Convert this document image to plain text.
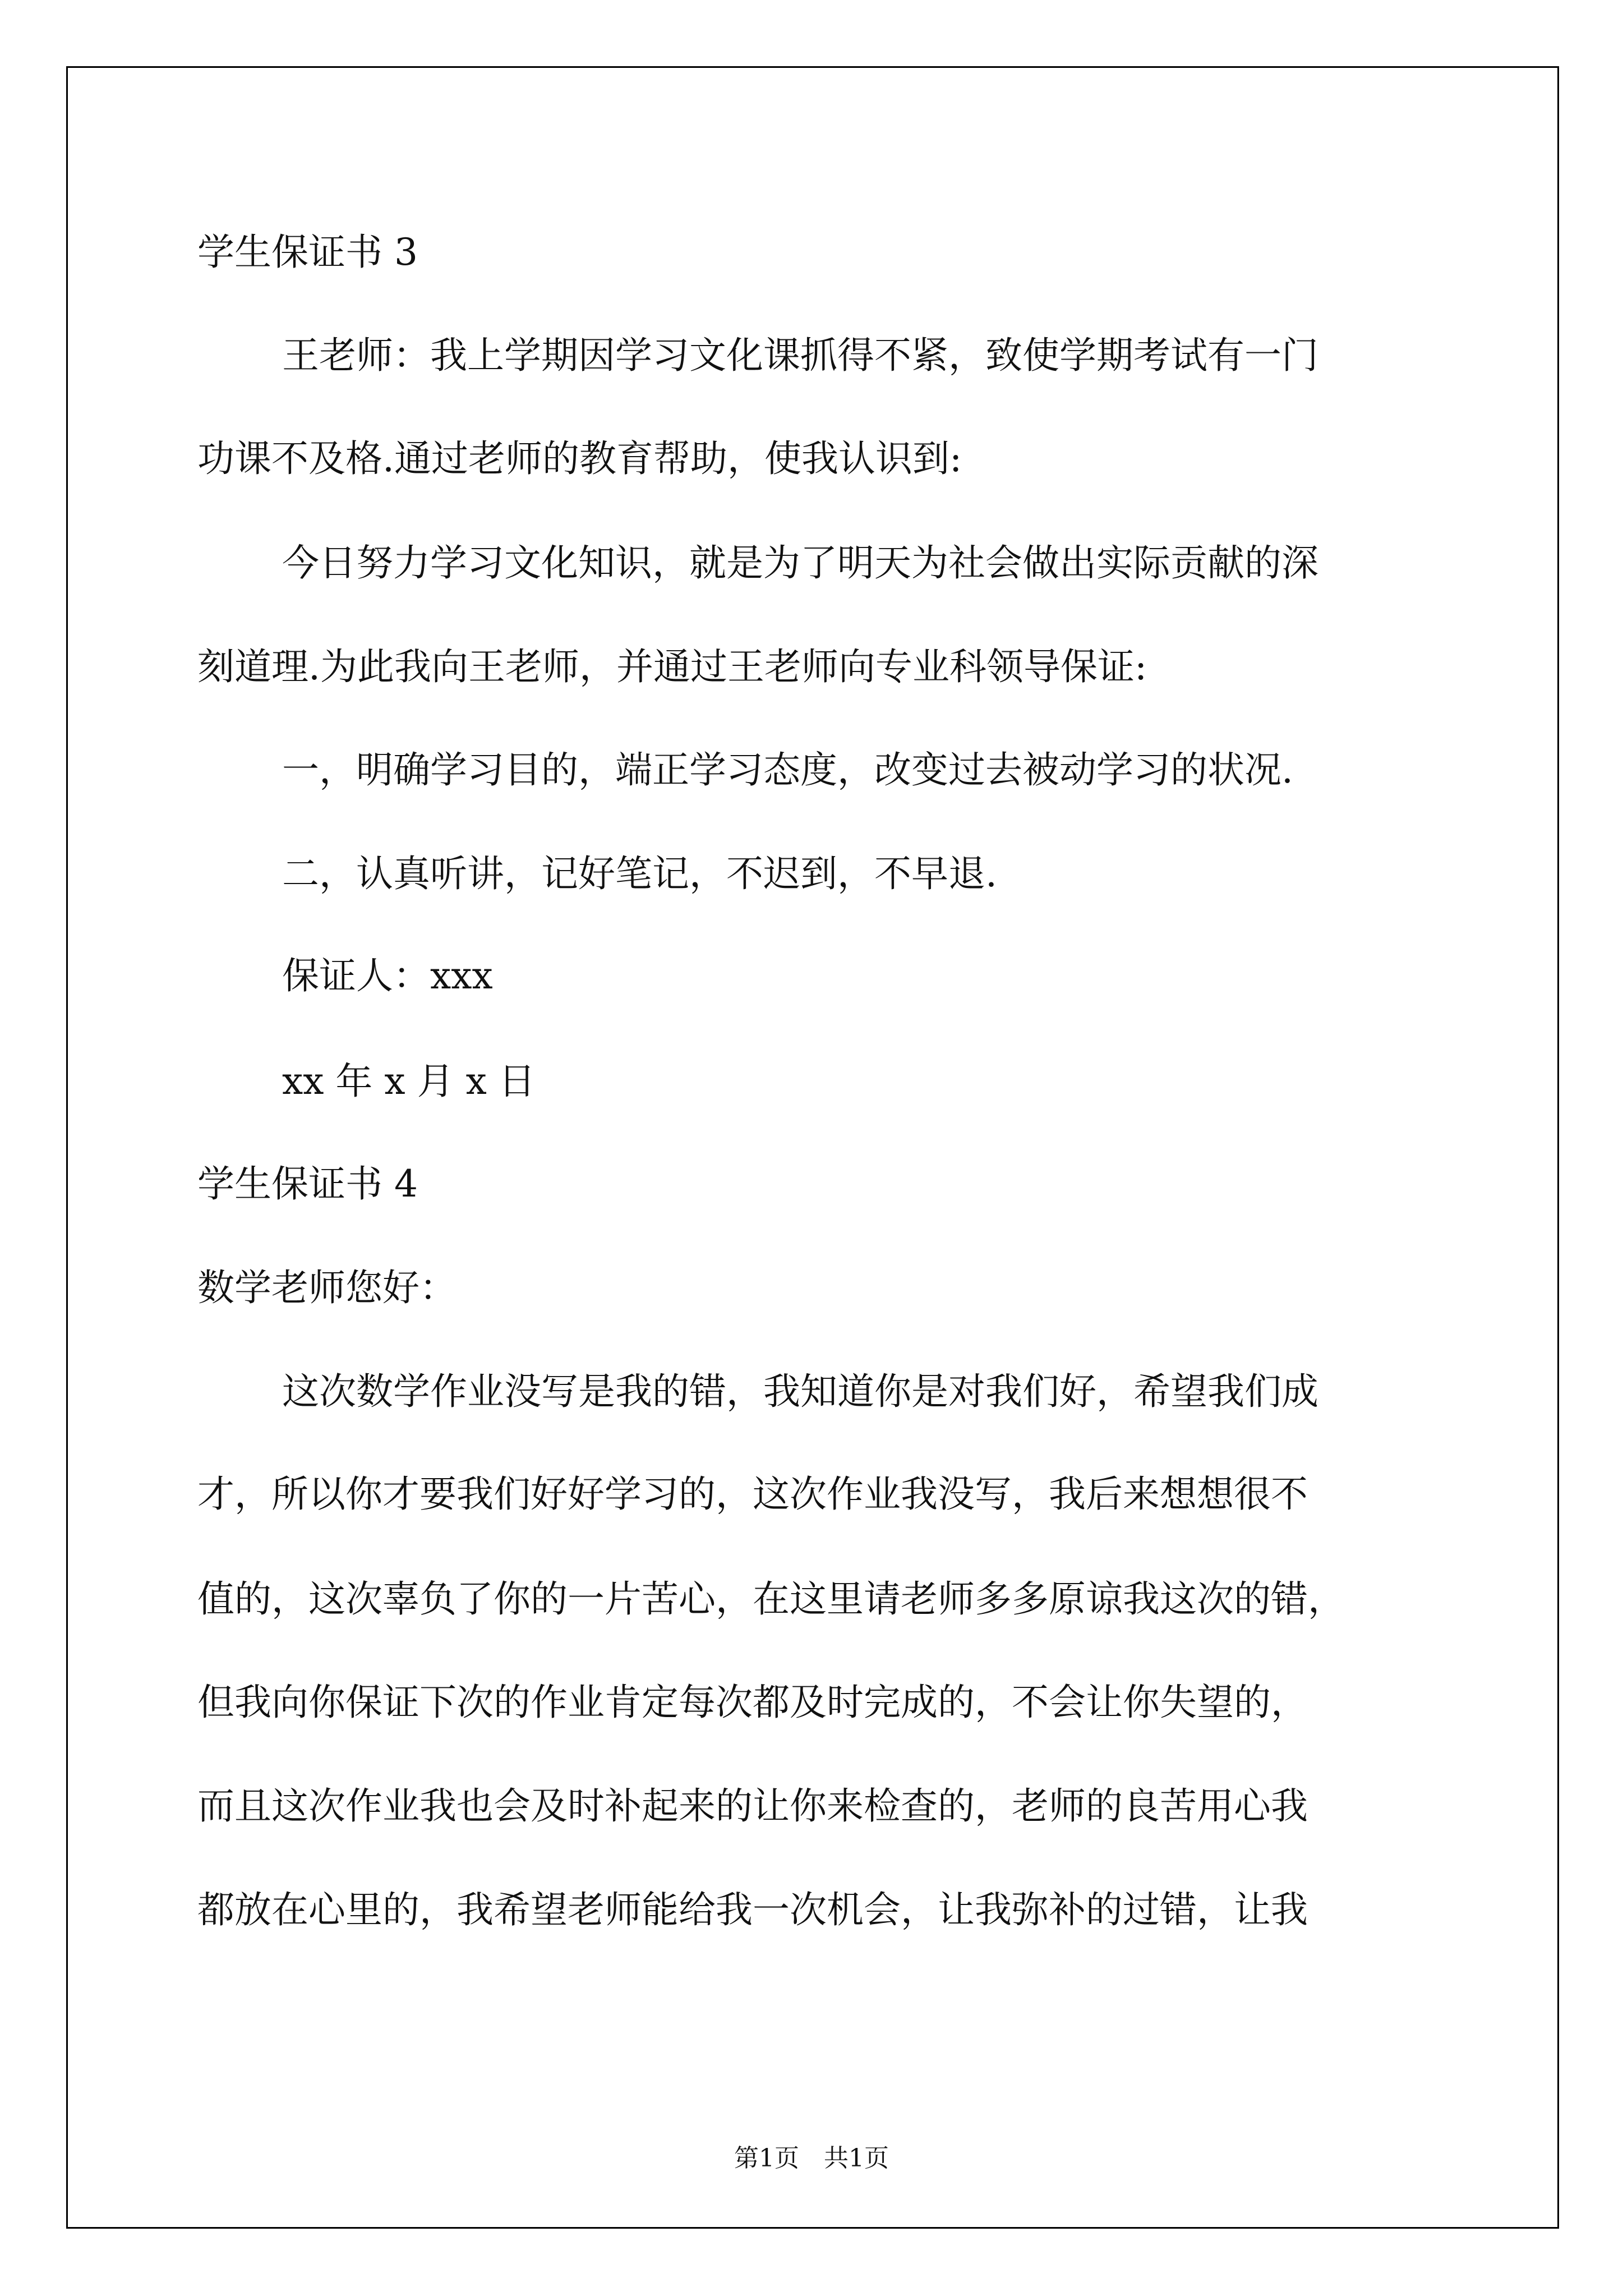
学生保证书 3
王老师：我上学期因学习文化课抓得不紧，致使学期考试有一门
功课不及格.通过老师的教育帮助，使我认识到:
今日努力学习文化知识，就是为了明天为社会做出实际贡献的深
刻道理.为此我向王老师，并通过王老师向专业科领导保证:
一，明确学习目的，端正学习态度，改变过去被动学习的状况.
二，认真听讲，记好笔记，不迟到，不早退.
保证人：xxx
xx 年 x 月 x 日
学生保证书 4
数学老师您好：
这次数学作业没写是我的错，我知道你是对我们好，希望我们成
才，所以你才要我们好好学习的，这次作业我没写，我后来想想很不
值的，这次辜负了你的一片苦心，在这里请老师多多原谅我这次的错，
但我向你保证下次的作业肯定每次都及时完成的，不会让你失望的，
而且这次作业我也会及时补起来的让你来检查的，老师的良苦用心我
都放在心里的，我希望老师能给我一次机会，让我弥补的过错，让我
第1页　共1页
